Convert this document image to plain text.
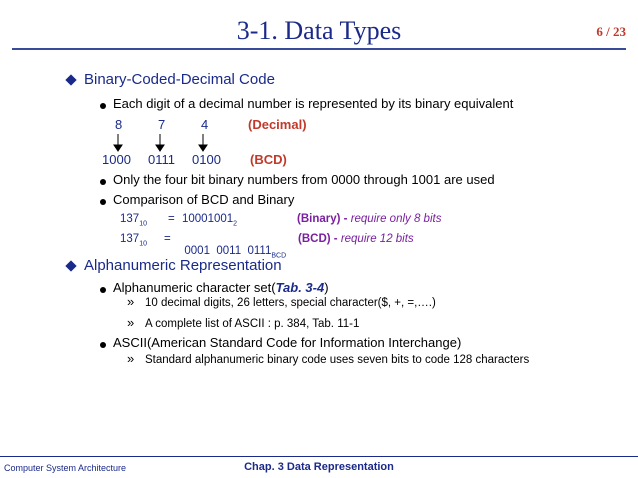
3-1. Data Types	6 / 23
Binary-Coded-Decimal Code
Each digit of a decimal number is represented by its binary equivalent
8	7	4	(Decimal)
1000 0111 0100 (BCD)
Only the four bit binary numbers from 0000 through 1001 are used
Comparison of BCD and Binary
$137_{10} = 10001001_2$	(Binary) - require only 8 bits
$137_{10}$ =

0001  0011  $0111_{BCD}$

(BCD) - require 12 bits
Alphanumeric Representation
Alphanumeric character set(Tab. 3-4)
» 10 decimal digits, 26 letters, special character($, +, =,….)
» A complete list of ASCII : p. 384, Tab. 11-1
ASCII(American Standard Code for Information Interchange)
» Standard alphanumeric binary code uses seven bits to code 128 characters
Computer System Architecture	Chap. 3 Data Representation
